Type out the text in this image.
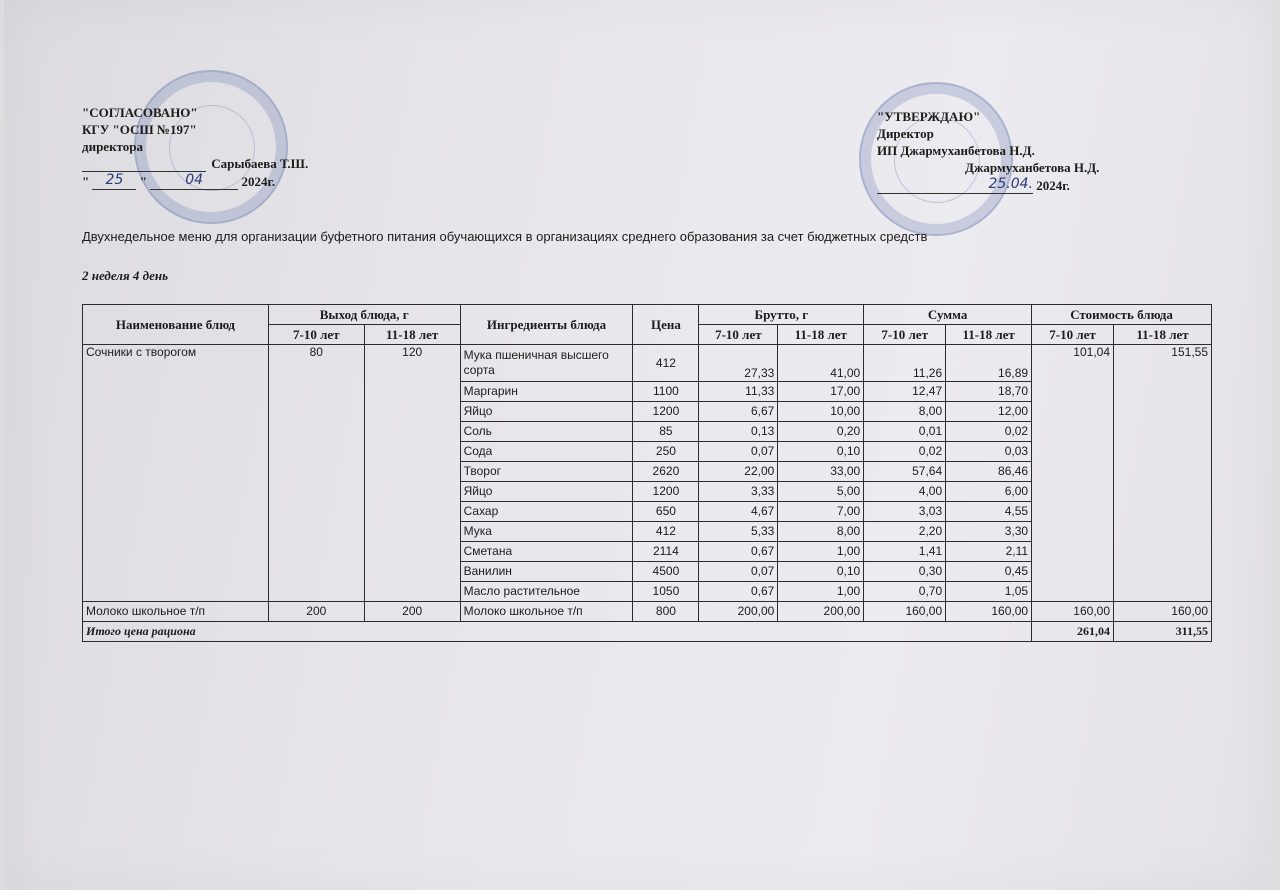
"СОГЛАСОВАНО"
КГУ "ОСШ №197"
директора
Сарыбаева Т.Ш.
" 25 "	04	2024г.
"УТВЕРЖДАЮ"
Директор
ИП Джармуханбетова Н.Д.
Джармуханбетова Н.Д.
25.04. 2024г.
Двухнедельное меню для организации буфетного питания обучающихся в организациях среднего образования за счет бюджетных средств
2 неделя 4 день
Наименование блюд	Выход блюда, г		Ингредиенты блюда	Цена	Брутто, г		Сумма		Стоимость блюда	
	7-10 лет	11-18 лет			7-10 лет	11-18 лет	7-10 лет	11-18 лет	7-10 лет	11-18 лет
Сочники с творогом	80	120	Мука пшеничная высшего сорта	412	27,33	41,00	11,26	16,89	101,04	151,55
			Маргарин	1100	11,33	17,00	12,47	18,70		
			Яйцо	1200	6,67	10,00	8,00	12,00		
			Соль	85	0,13	0,20	0,01	0,02		
			Сода	250	0,07	0,10	0,02	0,03		
			Творог	2620	22,00	33,00	57,64	86,46		
			Яйцо	1200	3,33	5,00	4,00	6,00		
			Сахар	650	4,67	7,00	3,03	4,55		
			Мука	412	5,33	8,00	2,20	3,30		
			Сметана	2114	0,67	1,00	1,41	2,11		
			Ванилин	4500	0,07	0,10	0,30	0,45		
			Масло растительное	1050	0,67	1,00	0,70	1,05		
Молоко школьное т/п	200	200	Молоко школьное т/п	800	200,00	200,00	160,00	160,00	160,00	160,00
Итого цена рациона									261,04	311,55
